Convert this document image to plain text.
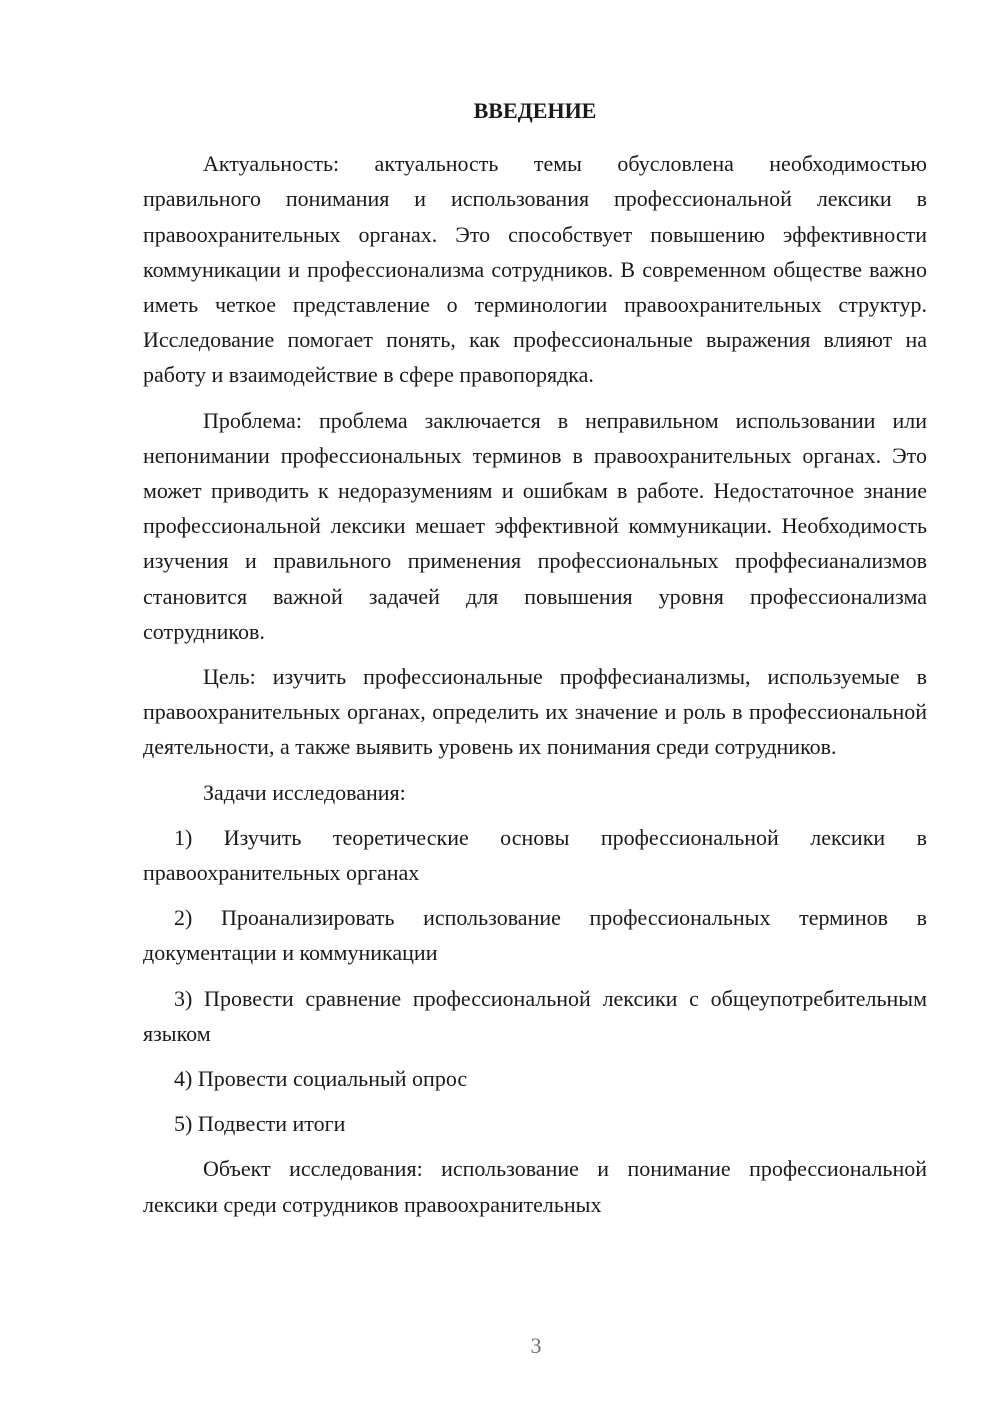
ВВЕДЕНИЕ

Актуальность: актуальность темы обусловлена необходимостью правильного понимания и использования профессиональной лексики в правоохранительных органах. Это способствует повышению эффективности коммуникации и профессионализма сотрудников. В современном обществе важно иметь четкое представление о терминологии правоохранительных структур. Исследование помогает понять, как профессиональные выражения влияют на работу и взаимодействие в сфере правопорядка.

Проблема: проблема заключается в неправильном использовании или непонимании профессиональных терминов в правоохранительных органах. Это может приводить к недоразумениям и ошибкам в работе. Недостаточное знание профессиональной лексики мешает эффективной коммуникации. Необходимость изучения и правильного применения профессиональных проффесианализмов становится важной задачей для повышения уровня профессионализма сотрудников.

Цель: изучить профессиональные проффесианализмы, используемые в правоохранительных органах, определить их значение и роль в профессиональной деятельности, а также выявить уровень их понимания среди сотрудников.

Задачи исследования:

1) Изучить теоретические основы профессиональной лексики в правоохранительных органах

2) Проанализировать использование профессиональных терминов в документации и коммуникации

3) Провести сравнение профессиональной лексики с общеупотребительным языком

4) Провести социальный опрос

5) Подвести итоги

Объект исследования: использование и понимание профессиональной лексики среди сотрудников правоохранительных

3
